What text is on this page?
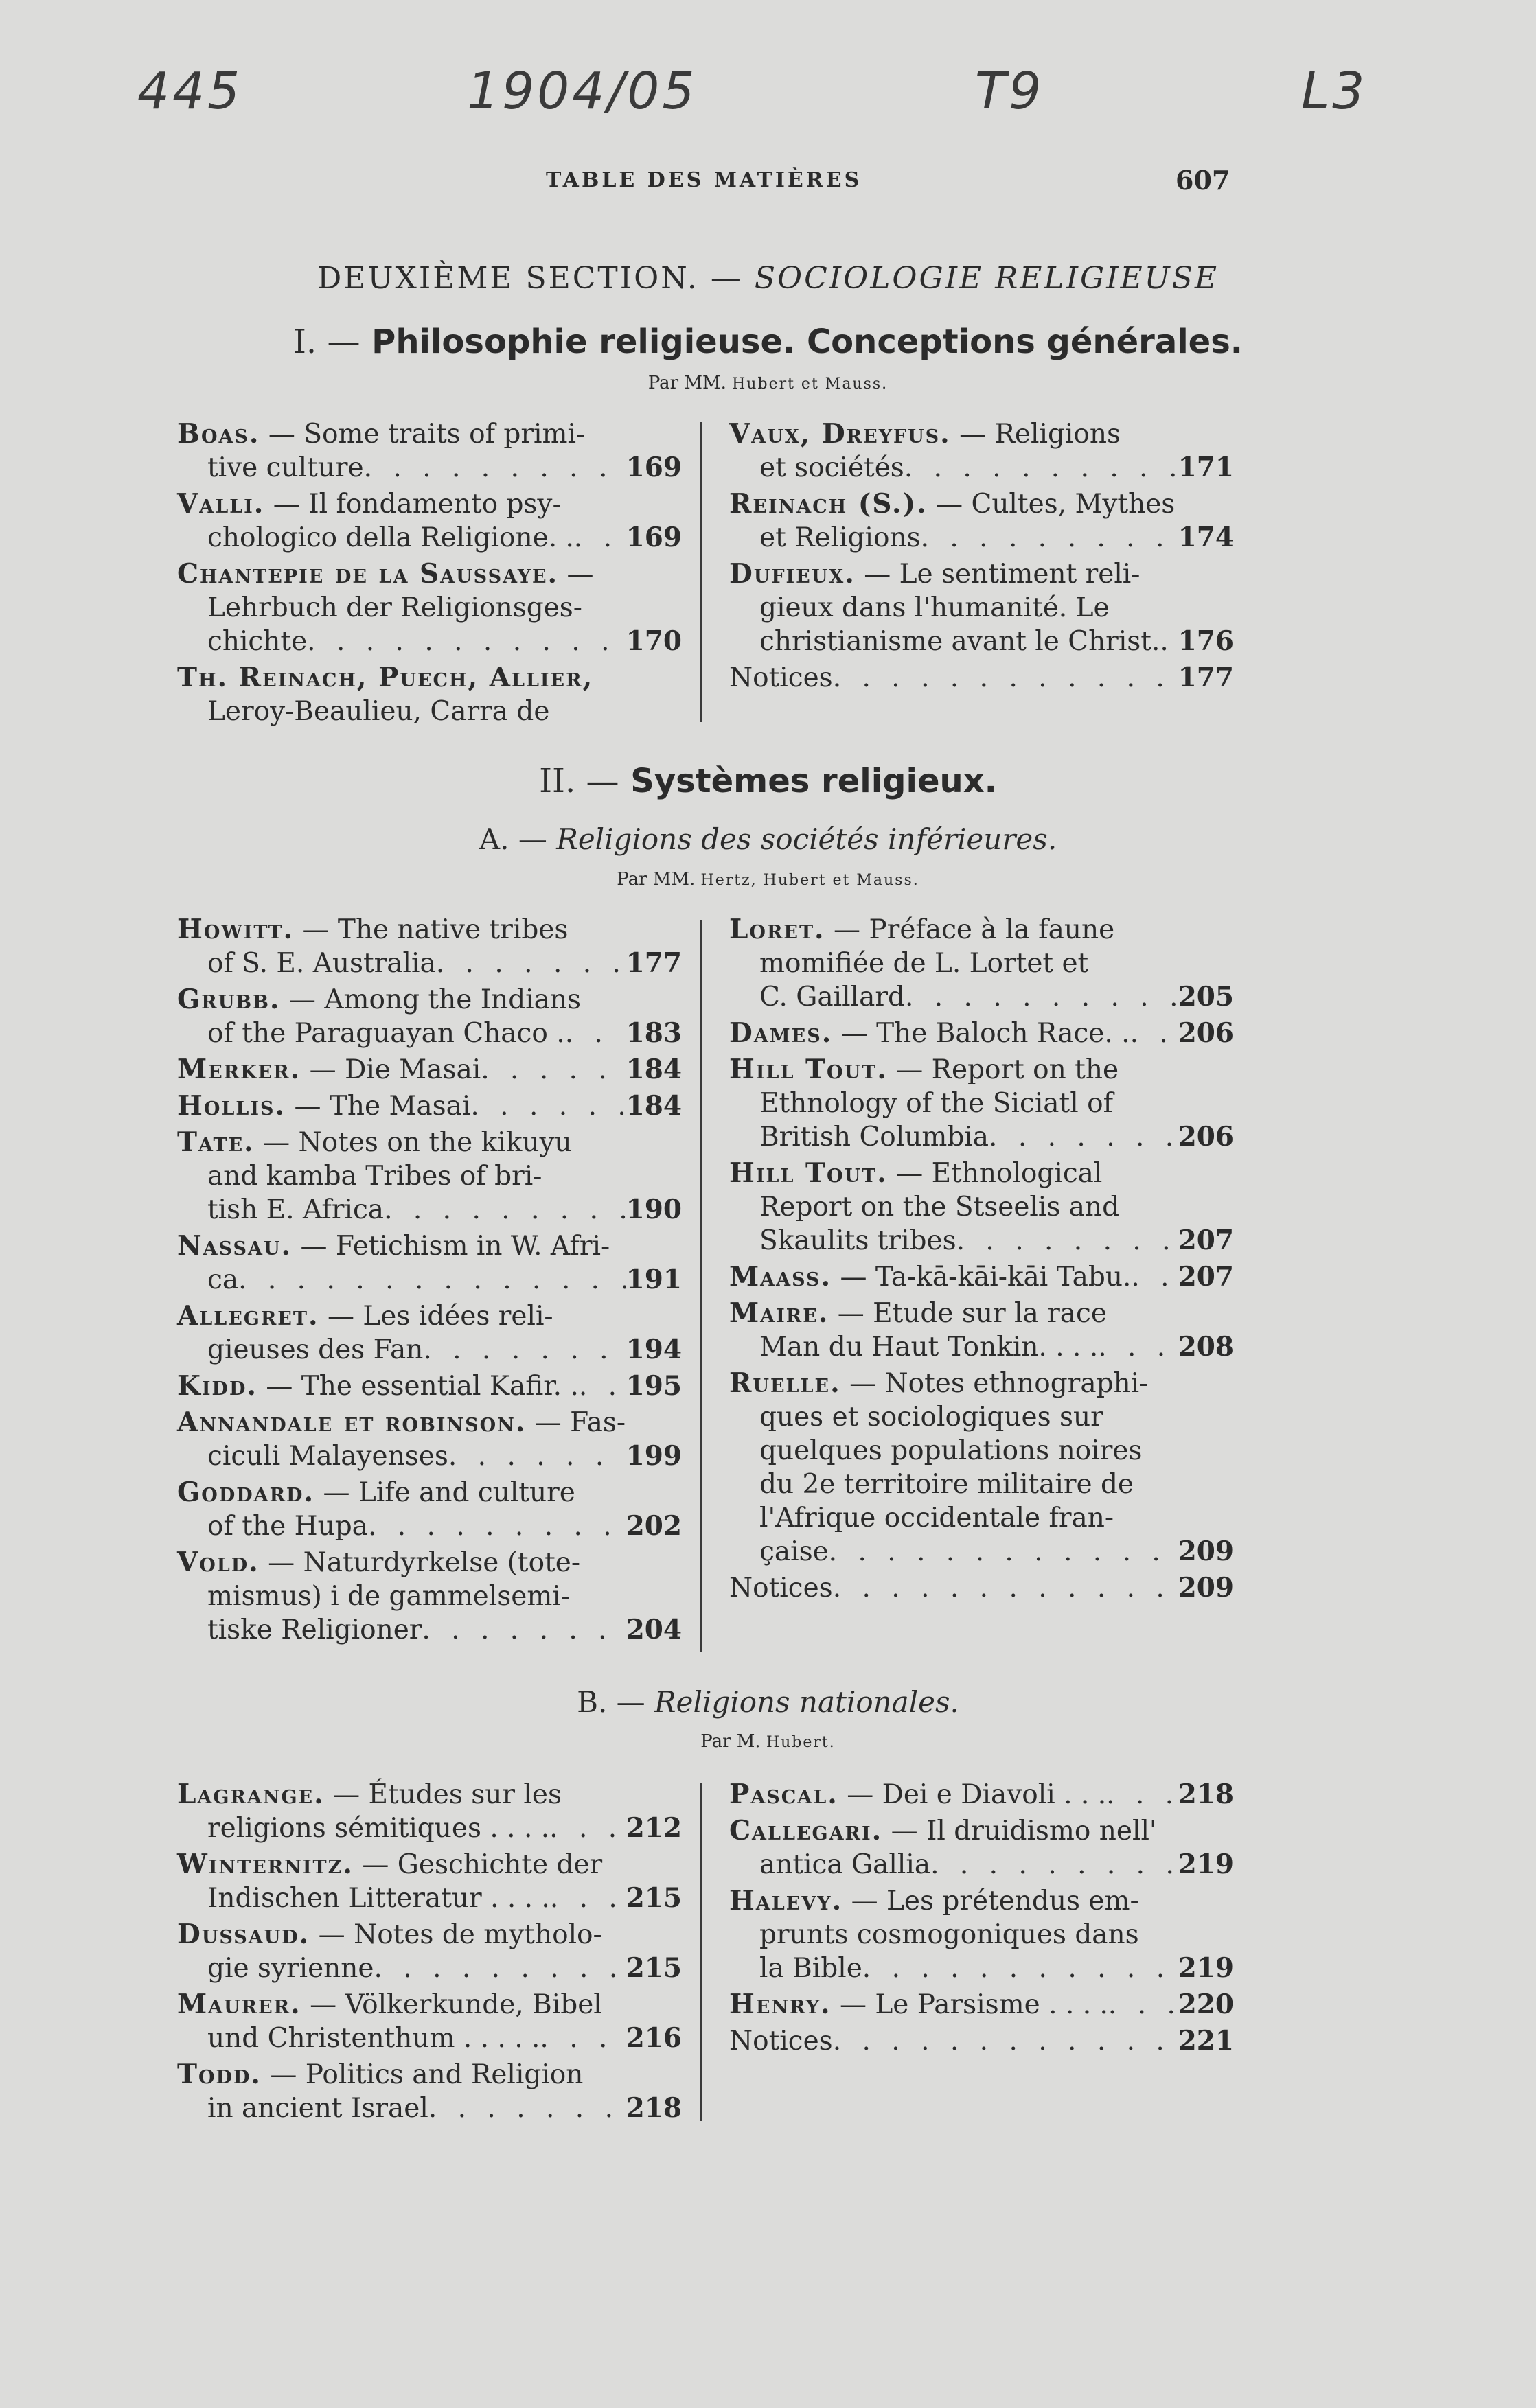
445	1904/05	T9	L3
TABLE DES MATIÈRES	607
DEUXIÈME SECTION. — SOCIOLOGIE RELIGIEUSE
I. — Philosophie religieuse. Conceptions générales.
Par MM. Hubert et Mauss.
Boas.
— Some traits of primi-
tive culture . . .	169
Valli.
— Il fondamento psy-
chologico della Religione. . . . . 169
Chantepie de la Saussaye.
—
Lehrbuch der Religionsges-
chichte . . .	170
Th. Reinach, Puech, Allier,

Leroy-Beaulieu, Carra de
Vaux, Dreyfus.
— Religions
et sociétés . . .	171
Reinach (S.).
— Cultes, Mythes
et Religions . . .	174
Dufieux.
— Le sentiment reli-
gieux dans l'humanité. Le
christianisme avant le Christ. . . . 176
Notices . . .	177
II. — Systèmes religieux.
A. — Religions des sociétés inférieures.
Par MM. Hertz, Hubert et Mauss.
Howitt.
— The native tribes
of S. E. Australia . . .	177
Grubb.
— Among the Indians
of the Paraguayan Chaco . . . . 183
Merker.
— Die Masai . . .	184
Hollis.
— The Masai . . .	184
Tate.
— Notes on the kikuyu
and kamba Tribes of bri-
tish E. Africa . . .	190
Nassau.
— Fetichism in W. Afri-
ca . . .	191
Allegret.
— Les idées reli-
gieuses des Fan . . .	194
Kidd.
— The essential Kafir. . . . . 195
Annandale et robinson.
— Fas-
ciculi Malayenses . . .	199
Goddard.
— Life and culture
of the Hupa . . .	202
Vold.
— Naturdyrkelse (tote-
mismus) i de gammelsemi-
tiske Religioner . . .	204
Loret.
— Préface à la faune
momifiée de L. Lortet et
C. Gaillard . . .	205
Dames.
— The Baloch Race. . . . . 206
Hill Tout.
— Report on the
Ethnology of the Siciatl of
British Columbia . . .	206
Hill Tout.
— Ethnological
Report on the Stseelis and
Skaulits tribes . . .	207
Maass.
— Ta-kā-kāi-kāi Tabu. . . . 207
Maire.
— Etude sur la race
Man du Haut Tonkin. . . . . . .	208
Ruelle.
— Notes ethnographi-
ques et sociologiques sur
quelques populations noires
du 2e territoire militaire de
l'Afrique occidentale fran-
çaise . . .	209
Notices . . .	209
B. — Religions nationales.
Par M. Hubert.
Lagrange.
— Études sur les
religions sémitiques . . . . . . .	212
Winternitz.
— Geschichte der
Indischen Litteratur . . . . . . .	215
Dussaud.
— Notes de mytholo-
gie syrienne . . .	215
Maurer.
— Völkerkunde, Bibel
und Christenthum . . . . . . . .	216
Todd.
— Politics and Religion
in ancient Israel . . .	218
Pascal.
— Dei e Diavoli . . . . . .	218
Callegari.
— Il druidismo nell'
antica Gallia . . .	219
Halevy.
— Les prétendus em-
prunts cosmogoniques dans
la Bible . . .	219
Henry.
— Le Parsisme . . . . . . .	220
Notices . . .	221
